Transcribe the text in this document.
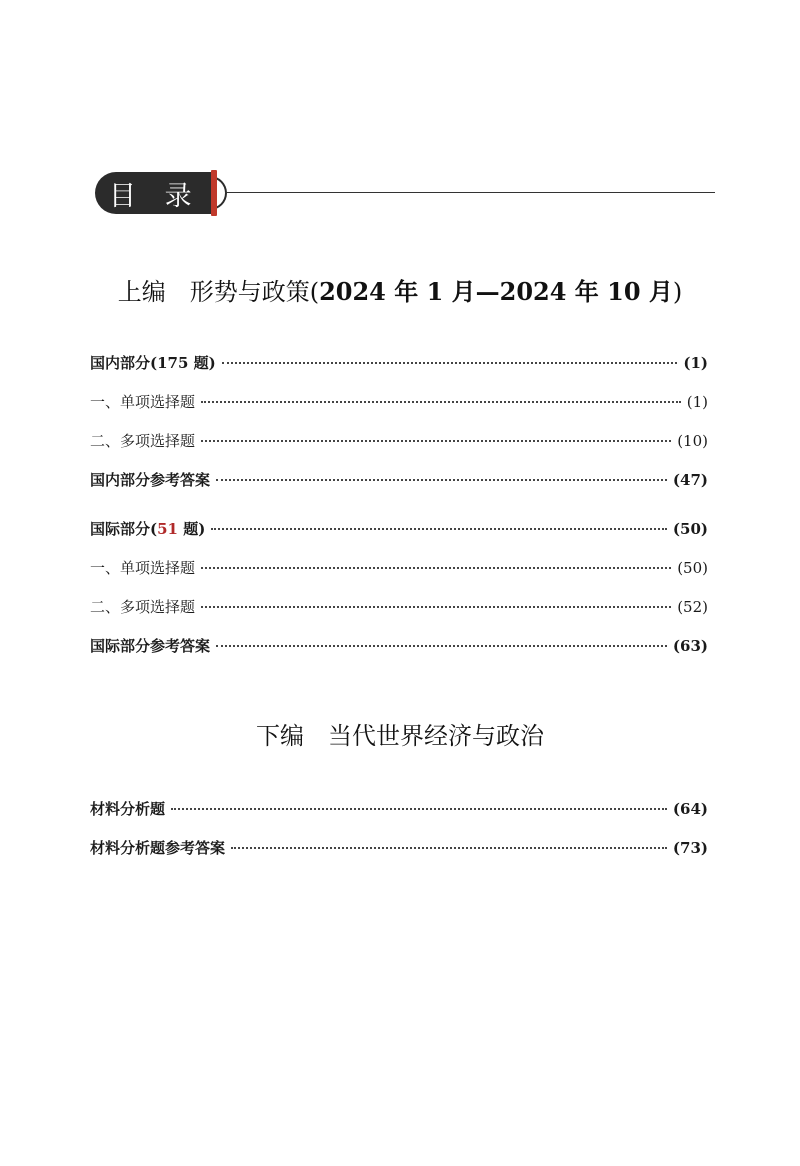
目 录
上编　形势与政策(2024 年 1 月—2024 年 10 月)
国内部分(175 题)	(1)
一、单项选择题	(1)
二、多项选择题	(10)
国内部分参考答案	(47)
国际部分(51 题)	(50)
一、单项选择题	(50)
二、多项选择题	(52)
国际部分参考答案	(63)
下编　当代世界经济与政治
材料分析题	(64)
材料分析题参考答案	(73)
